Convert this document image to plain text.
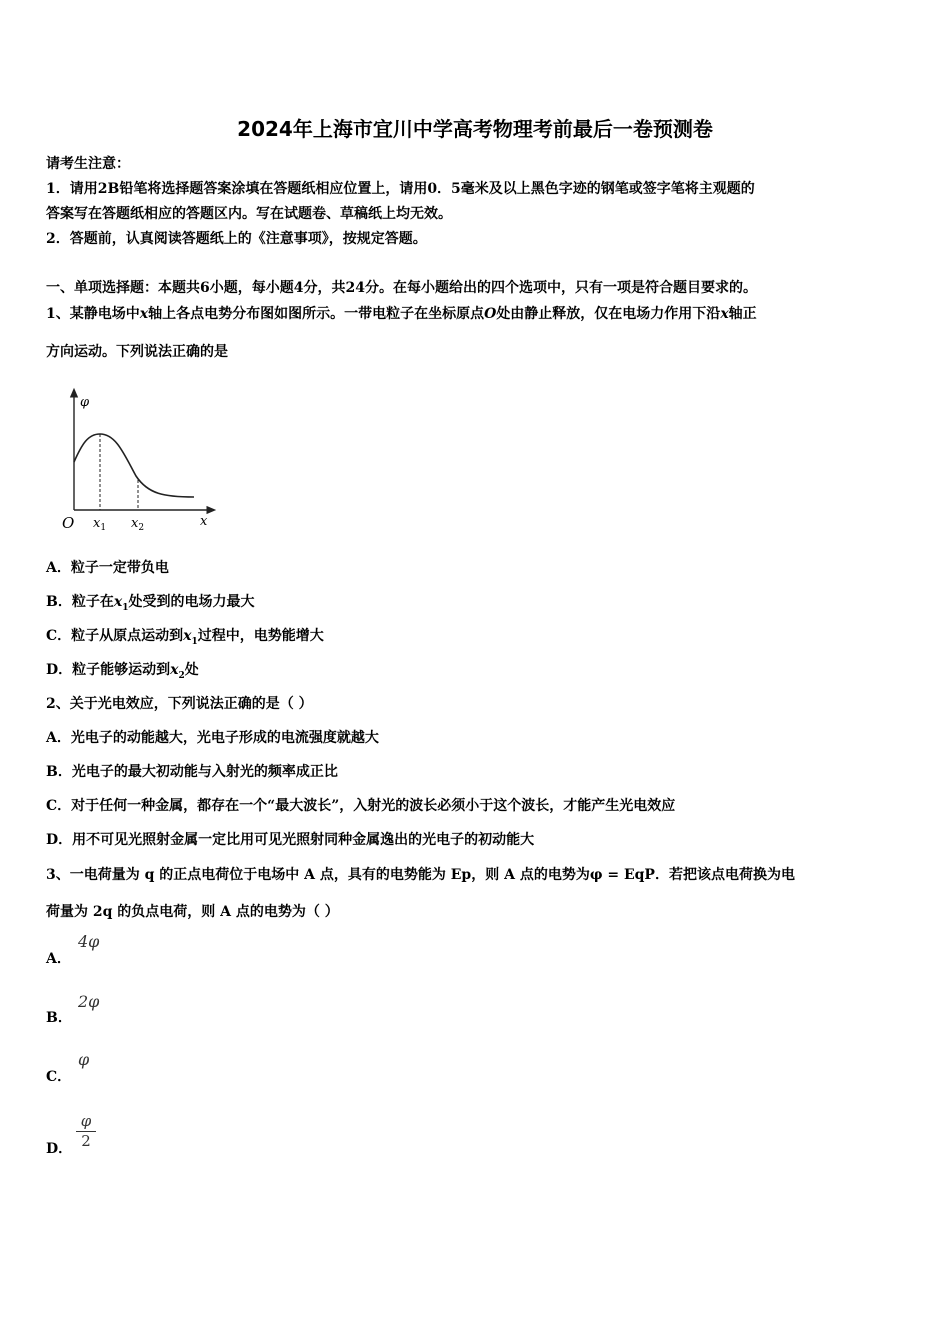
2024年上海市宜川中学高考物理考前最后一卷预测卷
请考生注意：
1．请用2B铅笔将选择题答案涂填在答题纸相应位置上，请用0．5毫米及以上黑色字迹的钢笔或签字笔将主观题的
答案写在答题纸相应的答题区内。写在试题卷、草稿纸上均无效。
2．答题前，认真阅读答题纸上的《注意事项》，按规定答题。
一、单项选择题：本题共6小题，每小题4分，共24分。在每小题给出的四个选项中，只有一项是符合题目要求的。
1、某静电场中x轴上各点电势分布图如图所示。一带电粒子在坐标原点O处由静止释放，仅在电场力作用下沿x轴正
方向运动。下列说法正确的是
φ
O $x_1$ $x_2$	x
A．粒子一定带负电
B．粒子在$x_1$处受到的电场力最大
C．粒子从原点运动到$x_1$过程中，电势能增大
D．粒子能够运动到$x_2$处
2、关于光电效应，下列说法正确的是（ ）
A．光电子的动能越大，光电子形成的电流强度就越大
B．光电子的最大初动能与入射光的频率成正比
C．对于任何一种金属，都存在一个“最大波长”，入射光的波长必须小于这个波长，才能产生光电效应
D．用不可见光照射金属一定比用可见光照射同种金属逸出的光电子的初动能大
3、一电荷量为 q 的正点电荷位于电场中 A 点，具有的电势能为 Ep，则 A 点的电势为φ = EqP．若把该点电荷换为电
荷量为 2q 的负点电荷，则 A 点的电势为（ ）
A．
4φ
B．
2φ
C．
φ
D． $\frac{\varphi}{2}$
